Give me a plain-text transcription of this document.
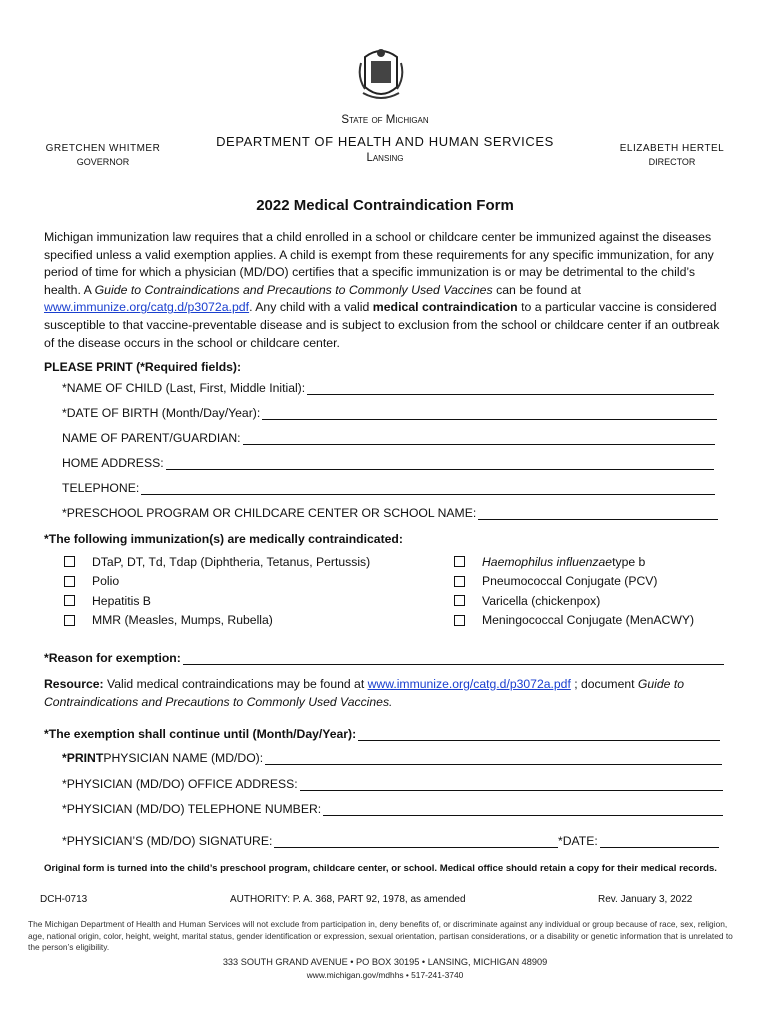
State of Michigan
DEPARTMENT OF HEALTH AND HUMAN SERVICES
Lansing
GRETCHEN WHITMER
GOVERNOR
ELIZABETH HERTEL
DIRECTOR
2022 Medical Contraindication Form
Michigan immunization law requires that a child enrolled in a school or childcare center be immunized against the diseases specified unless a valid exemption applies. A child is exempt from these requirements for any specific immunization, for any period of time for which a physician (MD/DO) certifies that a specific immunization is or may be detrimental to the child’s health. A Guide to Contraindications and Precautions to Commonly Used Vaccines can be found at www.immunize.org/catg.d/p3072a.pdf. Any child with a valid medical contraindication to a particular vaccine is considered susceptible to that vaccine-preventable disease and is subject to exclusion from the school or childcare center if an outbreak of the disease occurs in the school or childcare center.
PLEASE PRINT (*Required fields):
*NAME OF CHILD (Last, First, Middle Initial):
*DATE OF BIRTH (Month/Day/Year):
NAME OF PARENT/GUARDIAN:
HOME ADDRESS:
TELEPHONE:
*PRESCHOOL PROGRAM OR CHILDCARE CENTER OR SCHOOL NAME:
*The following immunization(s) are medically contraindicated:
DTaP, DT, Td, Tdap (Diphtheria, Tetanus, Pertussis)
Polio
Hepatitis B
MMR (Measles, Mumps, Rubella)
Haemophilus influenzae type b
Pneumococcal Conjugate (PCV)
Varicella (chickenpox)
Meningococcal Conjugate (MenACWY)
*Reason for exemption:
Resource: Valid medical contraindications may be found at www.immunize.org/catg.d/p3072a.pdf ; document Guide to Contraindications and Precautions to Commonly Used Vaccines.
*The exemption shall continue until (Month/Day/Year):
*PRINT PHYSICIAN NAME (MD/DO):
*PHYSICIAN (MD/DO) OFFICE ADDRESS:
*PHYSICIAN (MD/DO) TELEPHONE NUMBER:
*PHYSICIAN’S (MD/DO) SIGNATURE:	*DATE:
Original form is turned into the child’s preschool program, childcare center, or school. Medical office should retain a copy for their medical records.
DCH-0713	AUTHORITY: P. A. 368, PART 92, 1978, as amended	Rev. January 3, 2022
The Michigan Department of Health and Human Services will not exclude from participation in, deny benefits of, or discriminate against any individual or group because of race, sex, religion, age, national origin, color, height, weight, marital status, gender identification or expression, sexual orientation, partisan considerations, or a disability or genetic information that is unrelated to the person’s eligibility.
333 SOUTH GRAND AVENUE • PO BOX 30195 • LANSING, MICHIGAN 48909
www.michigan.gov/mdhhs • 517-241-3740
